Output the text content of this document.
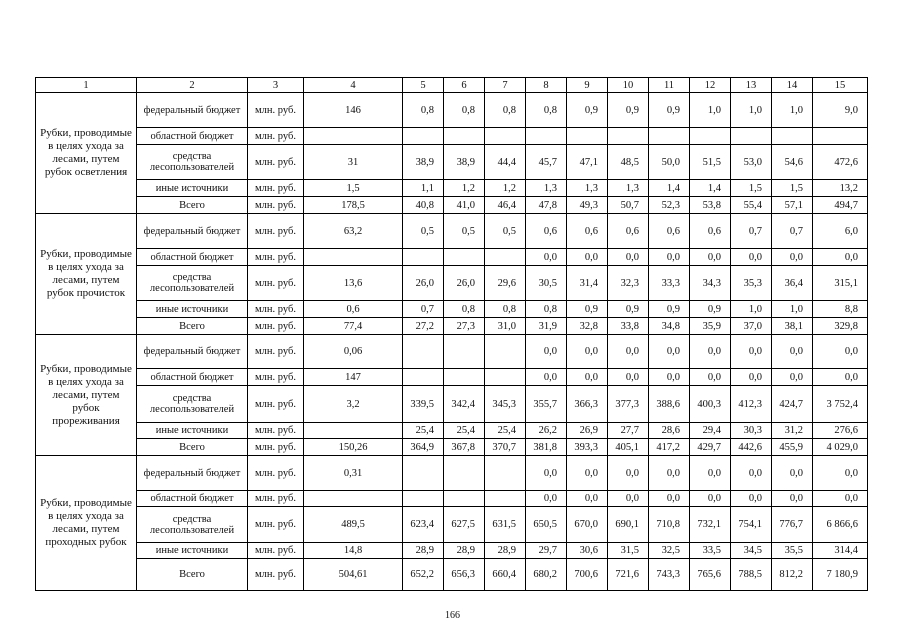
1	2	3	4	5	6	7	8	9	10	11	12	13	14	15
Рубки, проводимые в целях ухода за лесами, путем рубок осветления	федеральный бюджет	млн. руб.	146	0,8	0,8	0,8	0,8	0,9	0,9	0,9	1,0	1,0	1,0	9,0
	областной бюджет	млн. руб.												
	средства лесопользователей	млн. руб.	31	38,9	38,9	44,4	45,7	47,1	48,5	50,0	51,5	53,0	54,6	472,6
	иные источники	млн. руб.	1,5	1,1	1,2	1,2	1,3	1,3	1,3	1,4	1,4	1,5	1,5	13,2
	Всего	млн. руб.	178,5	40,8	41,0	46,4	47,8	49,3	50,7	52,3	53,8	55,4	57,1	494,7
Рубки, проводимые в целях ухода за лесами, путем рубок прочисток	федеральный бюджет	млн. руб.	63,2	0,5	0,5	0,5	0,6	0,6	0,6	0,6	0,6	0,7	0,7	6,0
	областной бюджет	млн. руб.					0,0	0,0	0,0	0,0	0,0	0,0	0,0	0,0
	средства лесопользователей	млн. руб.	13,6	26,0	26,0	29,6	30,5	31,4	32,3	33,3	34,3	35,3	36,4	315,1
	иные источники	млн. руб.	0,6	0,7	0,8	0,8	0,8	0,9	0,9	0,9	0,9	1,0	1,0	8,8
	Всего	млн. руб.	77,4	27,2	27,3	31,0	31,9	32,8	33,8	34,8	35,9	37,0	38,1	329,8
Рубки, проводимые в целях ухода за лесами, путем рубок прореживания	федеральный бюджет	млн. руб.	0,06				0,0	0,0	0,0	0,0	0,0	0,0	0,0	0,0
	областной бюджет	млн. руб.	147				0,0	0,0	0,0	0,0	0,0	0,0	0,0	0,0
	средства лесопользователей	млн. руб.	3,2	339,5	342,4	345,3	355,7	366,3	377,3	388,6	400,3	412,3	424,7	3 752,4
	иные источники	млн. руб.		25,4	25,4	25,4	26,2	26,9	27,7	28,6	29,4	30,3	31,2	276,6
	Всего	млн. руб.	150,26	364,9	367,8	370,7	381,8	393,3	405,1	417,2	429,7	442,6	455,9	4 029,0
Рубки, проводимые в целях ухода за лесами, путем проходных рубок	федеральный бюджет	млн. руб.	0,31				0,0	0,0	0,0	0,0	0,0	0,0	0,0	0,0
	областной бюджет	млн. руб.					0,0	0,0	0,0	0,0	0,0	0,0	0,0	0,0
	средства лесопользователей	млн. руб.	489,5	623,4	627,5	631,5	650,5	670,0	690,1	710,8	732,1	754,1	776,7	6 866,6
	иные источники	млн. руб.	14,8	28,9	28,9	28,9	29,7	30,6	31,5	32,5	33,5	34,5	35,5	314,4
	Всего	млн. руб.	504,61	652,2	656,3	660,4	680,2	700,6	721,6	743,3	765,6	788,5	812,2	7 180,9
166
